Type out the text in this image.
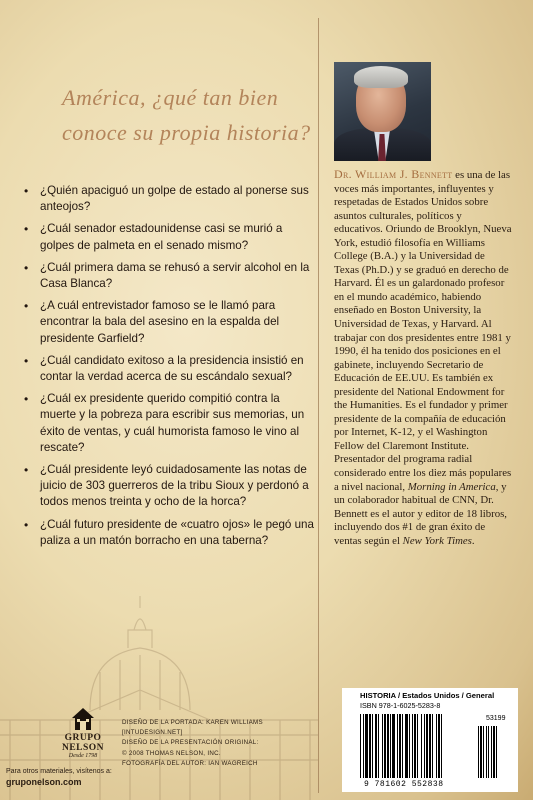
América, ¿qué tan bien
conoce su propia historia?
• ¿Quién apaciguó un golpe de estado al ponerse sus anteojos?
• ¿Cuál senador estadounidense casi se murió a golpes de palmeta en el senado mismo?
• ¿Cuál primera dama se rehusó a servir alcohol en la Casa Blanca?
• ¿A cuál entrevistador famoso se le llamó para encontrar la bala del asesino en la espalda del presidente Garfield?
• ¿Cuál candidato exitoso a la presidencia insistió en contar la verdad acerca de su escándalo sexual?
• ¿Cuál ex presidente querido compitió contra la muerte y la pobreza para escribir sus memorias, un éxito de ventas, y cuál humorista famoso le vino al rescate?
• ¿Cuál presidente leyó cuidadosamente las notas de juicio de 303 guerreros de la tribu Sioux y perdonó a todos menos treinta y ocho de la horca?
• ¿Cuál futuro presidente de «cuatro ojos» le pegó una paliza a un matón borracho en una taberna?

Dr. William J. Bennett es una de las voces más importantes, influyentes y respetadas de Estados Unidos sobre asuntos culturales, políticos y educativos. Oriundo de Brooklyn, Nueva York, estudió filosofía en Williams College (B.A.) y la Universidad de Texas (Ph.D.) y se graduó en derecho de Harvard. Él es un galardonado profesor en el mundo académico, habiendo enseñado en Boston University, la Universidad de Texas, y Harvard. Al trabajar con dos presidentes entre 1981 y 1990, él ha tenido dos posiciones en el gabinete, incluyendo Secretario de Educación de EE.UU. Es también ex presidente del National Endowment for the Humanities. Es el fundador y primer presidente de la compañía de educación por Internet, K-12, y el Washington Fellow del Claremont Institute. Presentador del programa radial considerado entre los diez más populares a nivel nacional, Morning in America, y un colaborador habitual de CNN, Dr. Bennett es el autor y editor de 18 libros, incluyendo dos #1 de gran éxito de ventas según el New York Times.

GRUPO NELSON
Desde 1798
Para otros materiales, visítenos a:
gruponelson.com
DISEÑO DE LA PORTADA: KAREN WILLIAMS
[INTUDESIGN.NET]
DISEÑO DE LA PRESENTACIÓN ORIGINAL:
© 2008 THOMAS NELSON, INC.
FOTOGRAFÍA DEL AUTOR: IAN WAGREICH
HISTORIA / Estados Unidos / General
ISBN 978-1-6025-5283-8
53199
9 781602 552838
